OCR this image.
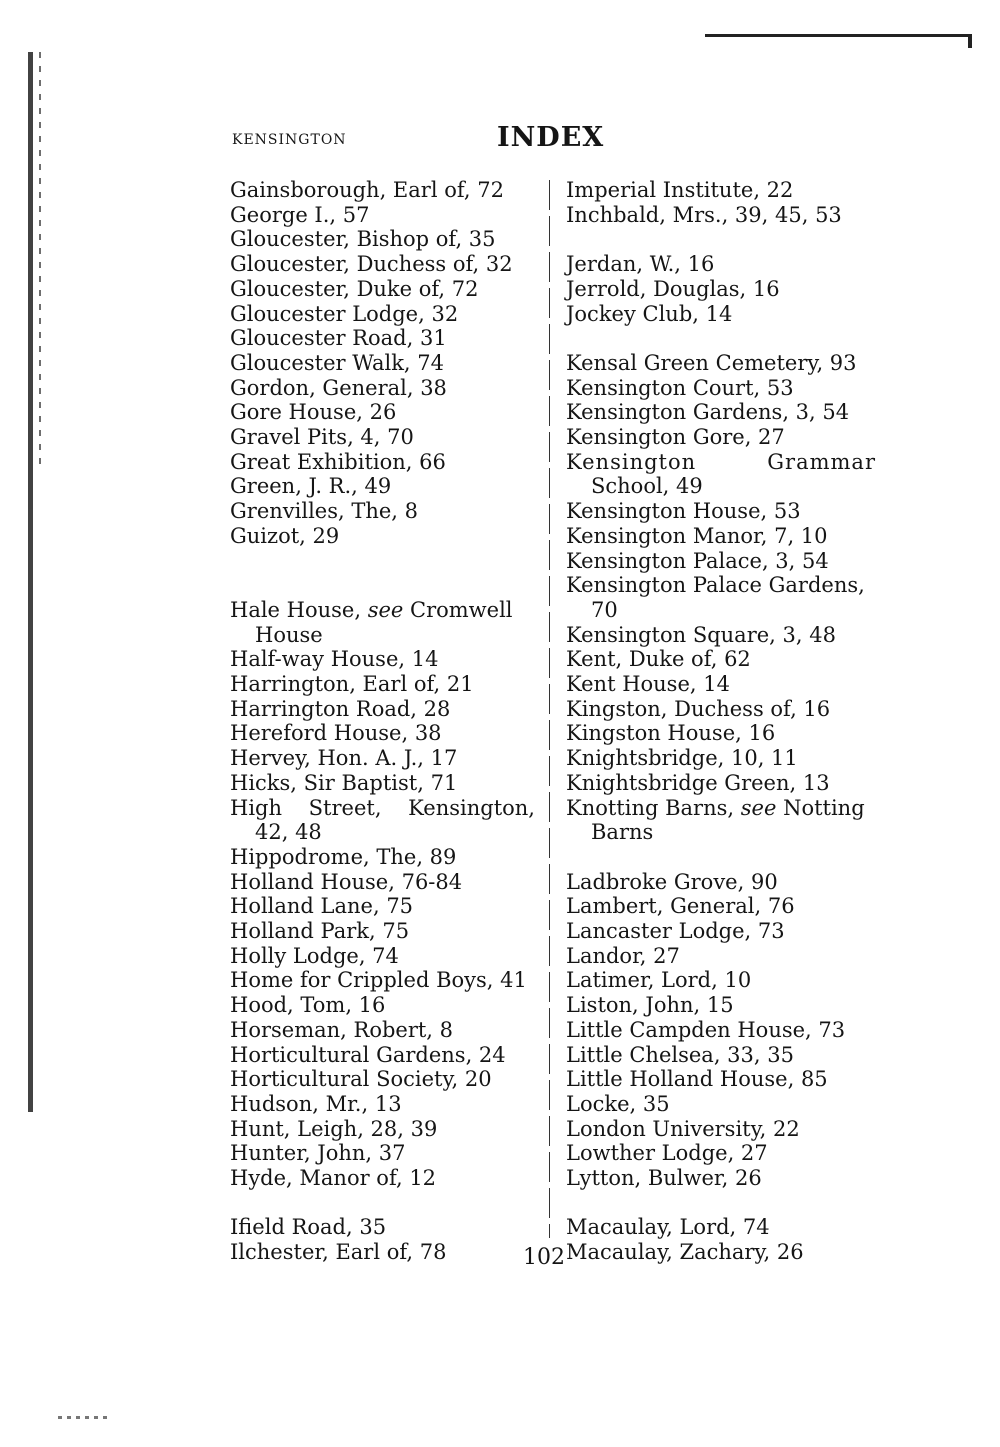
KENSINGTON	INDEX

Gainsborough, Earl of, 72

George I., 57

Gloucester, Bishop of, 35

Gloucester, Duchess of, 32

Gloucester, Duke of, 72

Gloucester Lodge, 32

Gloucester Road, 31

Gloucester Walk, 74

Gordon, General, 38

Gore House, 26

Gravel Pits, 4, 70

Great Exhibition, 66

Green, J. R., 49

Grenvilles, The, 8

Guizot, 29

Hale House, see Cromwell

House

Half-way House, 14

Harrington, Earl of, 21

Harrington Road, 28

Hereford House, 38

Hervey, Hon. A. J., 17

Hicks, Sir Baptist, 71

High Street, Kensington,

42, 48

Hippodrome, The, 89

Holland House, 76-84

Holland Lane, 75

Holland Park, 75

Holly Lodge, 74

Home for Crippled Boys, 41

Hood, Tom, 16

Horseman, Robert, 8

Horticultural Gardens, 24

Horticultural Society, 20

Hudson, Mr., 13

Hunt, Leigh, 28, 39

Hunter, John, 37

Hyde, Manor of, 12

Ifield Road, 35

Ilchester, Earl of, 78

Imperial Institute, 22

Inchbald, Mrs., 39, 45, 53

Jerdan, W., 16

Jerrold, Douglas, 16

Jockey Club, 14

Kensal Green Cemetery, 93

Kensington Court, 53

Kensington Gardens, 3, 54

Kensington Gore, 27

Kensington Grammar

School, 49

Kensington House, 53

Kensington Manor, 7, 10

Kensington Palace, 3, 54

Kensington Palace Gardens,

70

Kensington Square, 3, 48

Kent, Duke of, 62

Kent House, 14

Kingston, Duchess of, 16

Kingston House, 16

Knightsbridge, 10, 11

Knightsbridge Green, 13

Knotting Barns, see Notting

Barns

Ladbroke Grove, 90

Lambert, General, 76

Lancaster Lodge, 73

Landor, 27

Latimer, Lord, 10

Liston, John, 15

Little Campden House, 73

Little Chelsea, 33, 35

Little Holland House, 85

Locke, 35

London University, 22

Lowther Lodge, 27

Lytton, Bulwer, 26

Macaulay, Lord, 74

Macaulay, Zachary, 26

102
